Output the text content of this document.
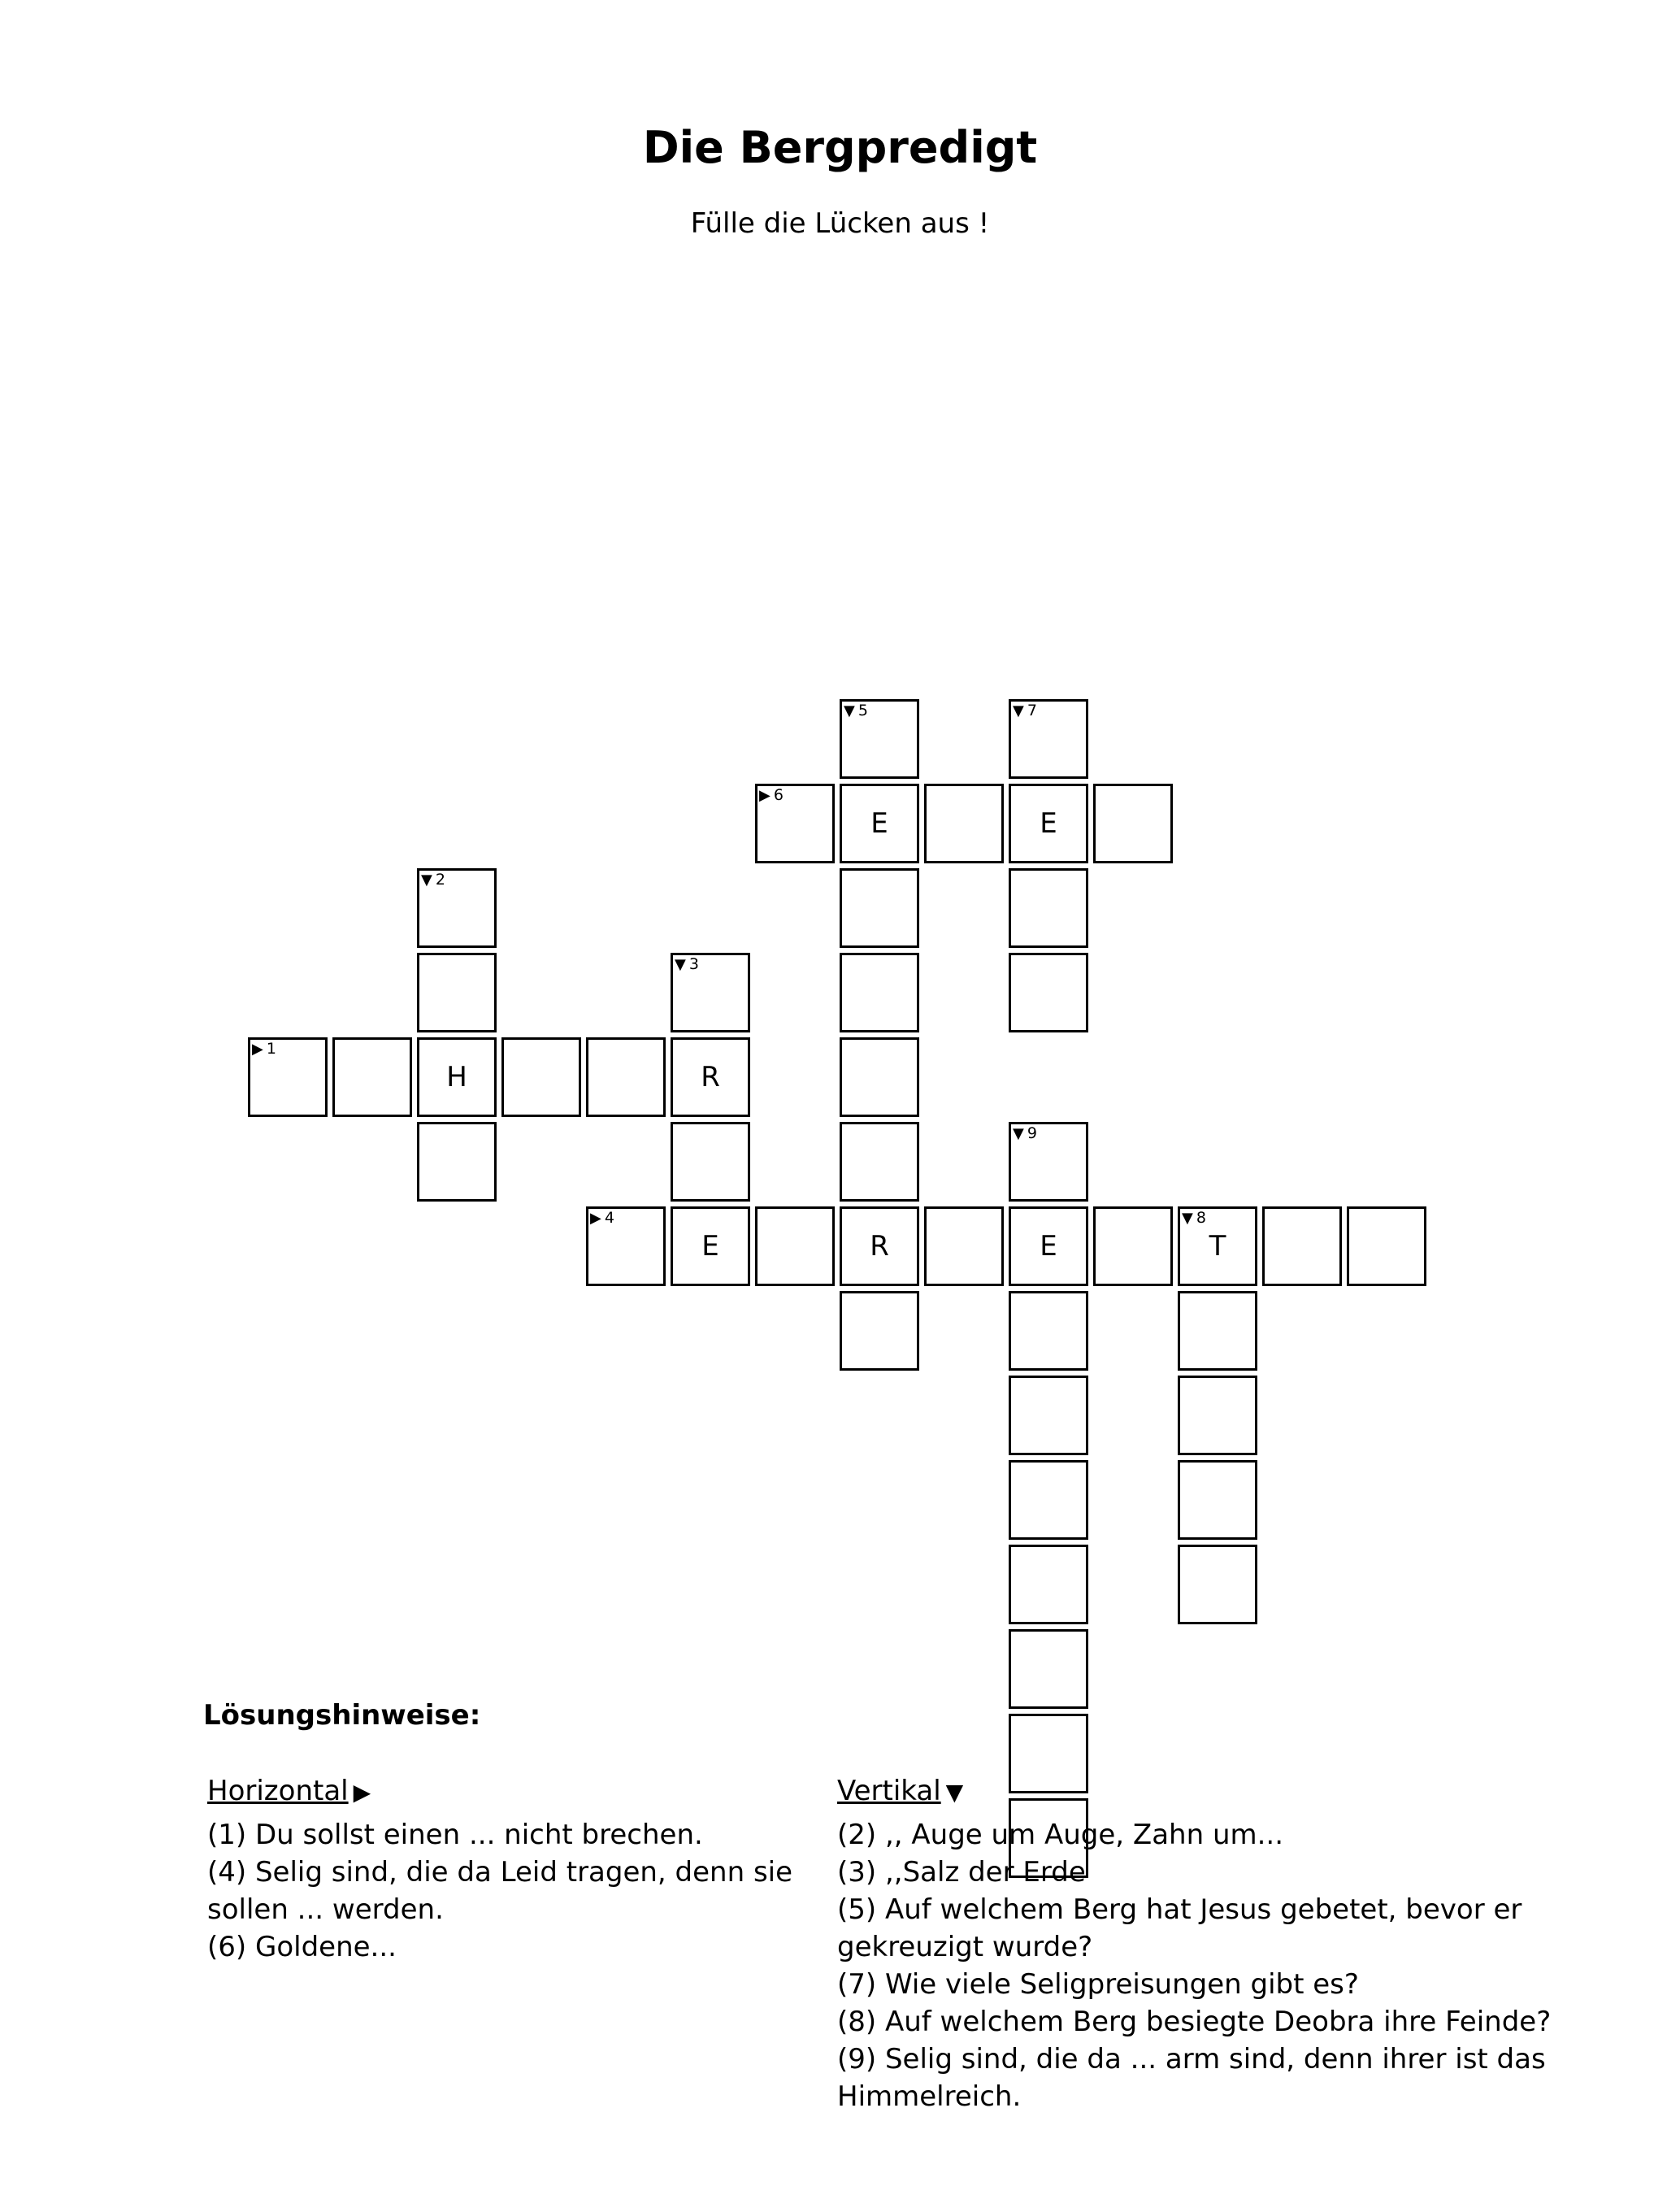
Die Bergpredigt
Fülle die Lücken aus !
▼ 5	▼ 7
▶ 6
E	E
▼ 2
▼ 3
▶ 1
H	R
▼ 9
▶ 4
E	R	E
▼ 8
T
Lösungshinweise:
Horizontal ▶

(1) Du sollst einen ... nicht brechen.

(4) Selig sind, die da Leid tragen, denn sie sollen ... werden.

(6) Goldene...

Vertikal ▼

(2) ,, Auge um Auge, Zahn um...

(3) ,,Salz der Erde

(5) Auf welchem Berg hat Jesus gebetet, bevor er gekreuzigt wurde?

(7) Wie viele Seligpreisungen gibt es?

(8) Auf welchem Berg besiegte Deobra ihre Feinde?

(9) Selig sind, die da ... arm sind, denn ihrer ist das Himmelreich.
